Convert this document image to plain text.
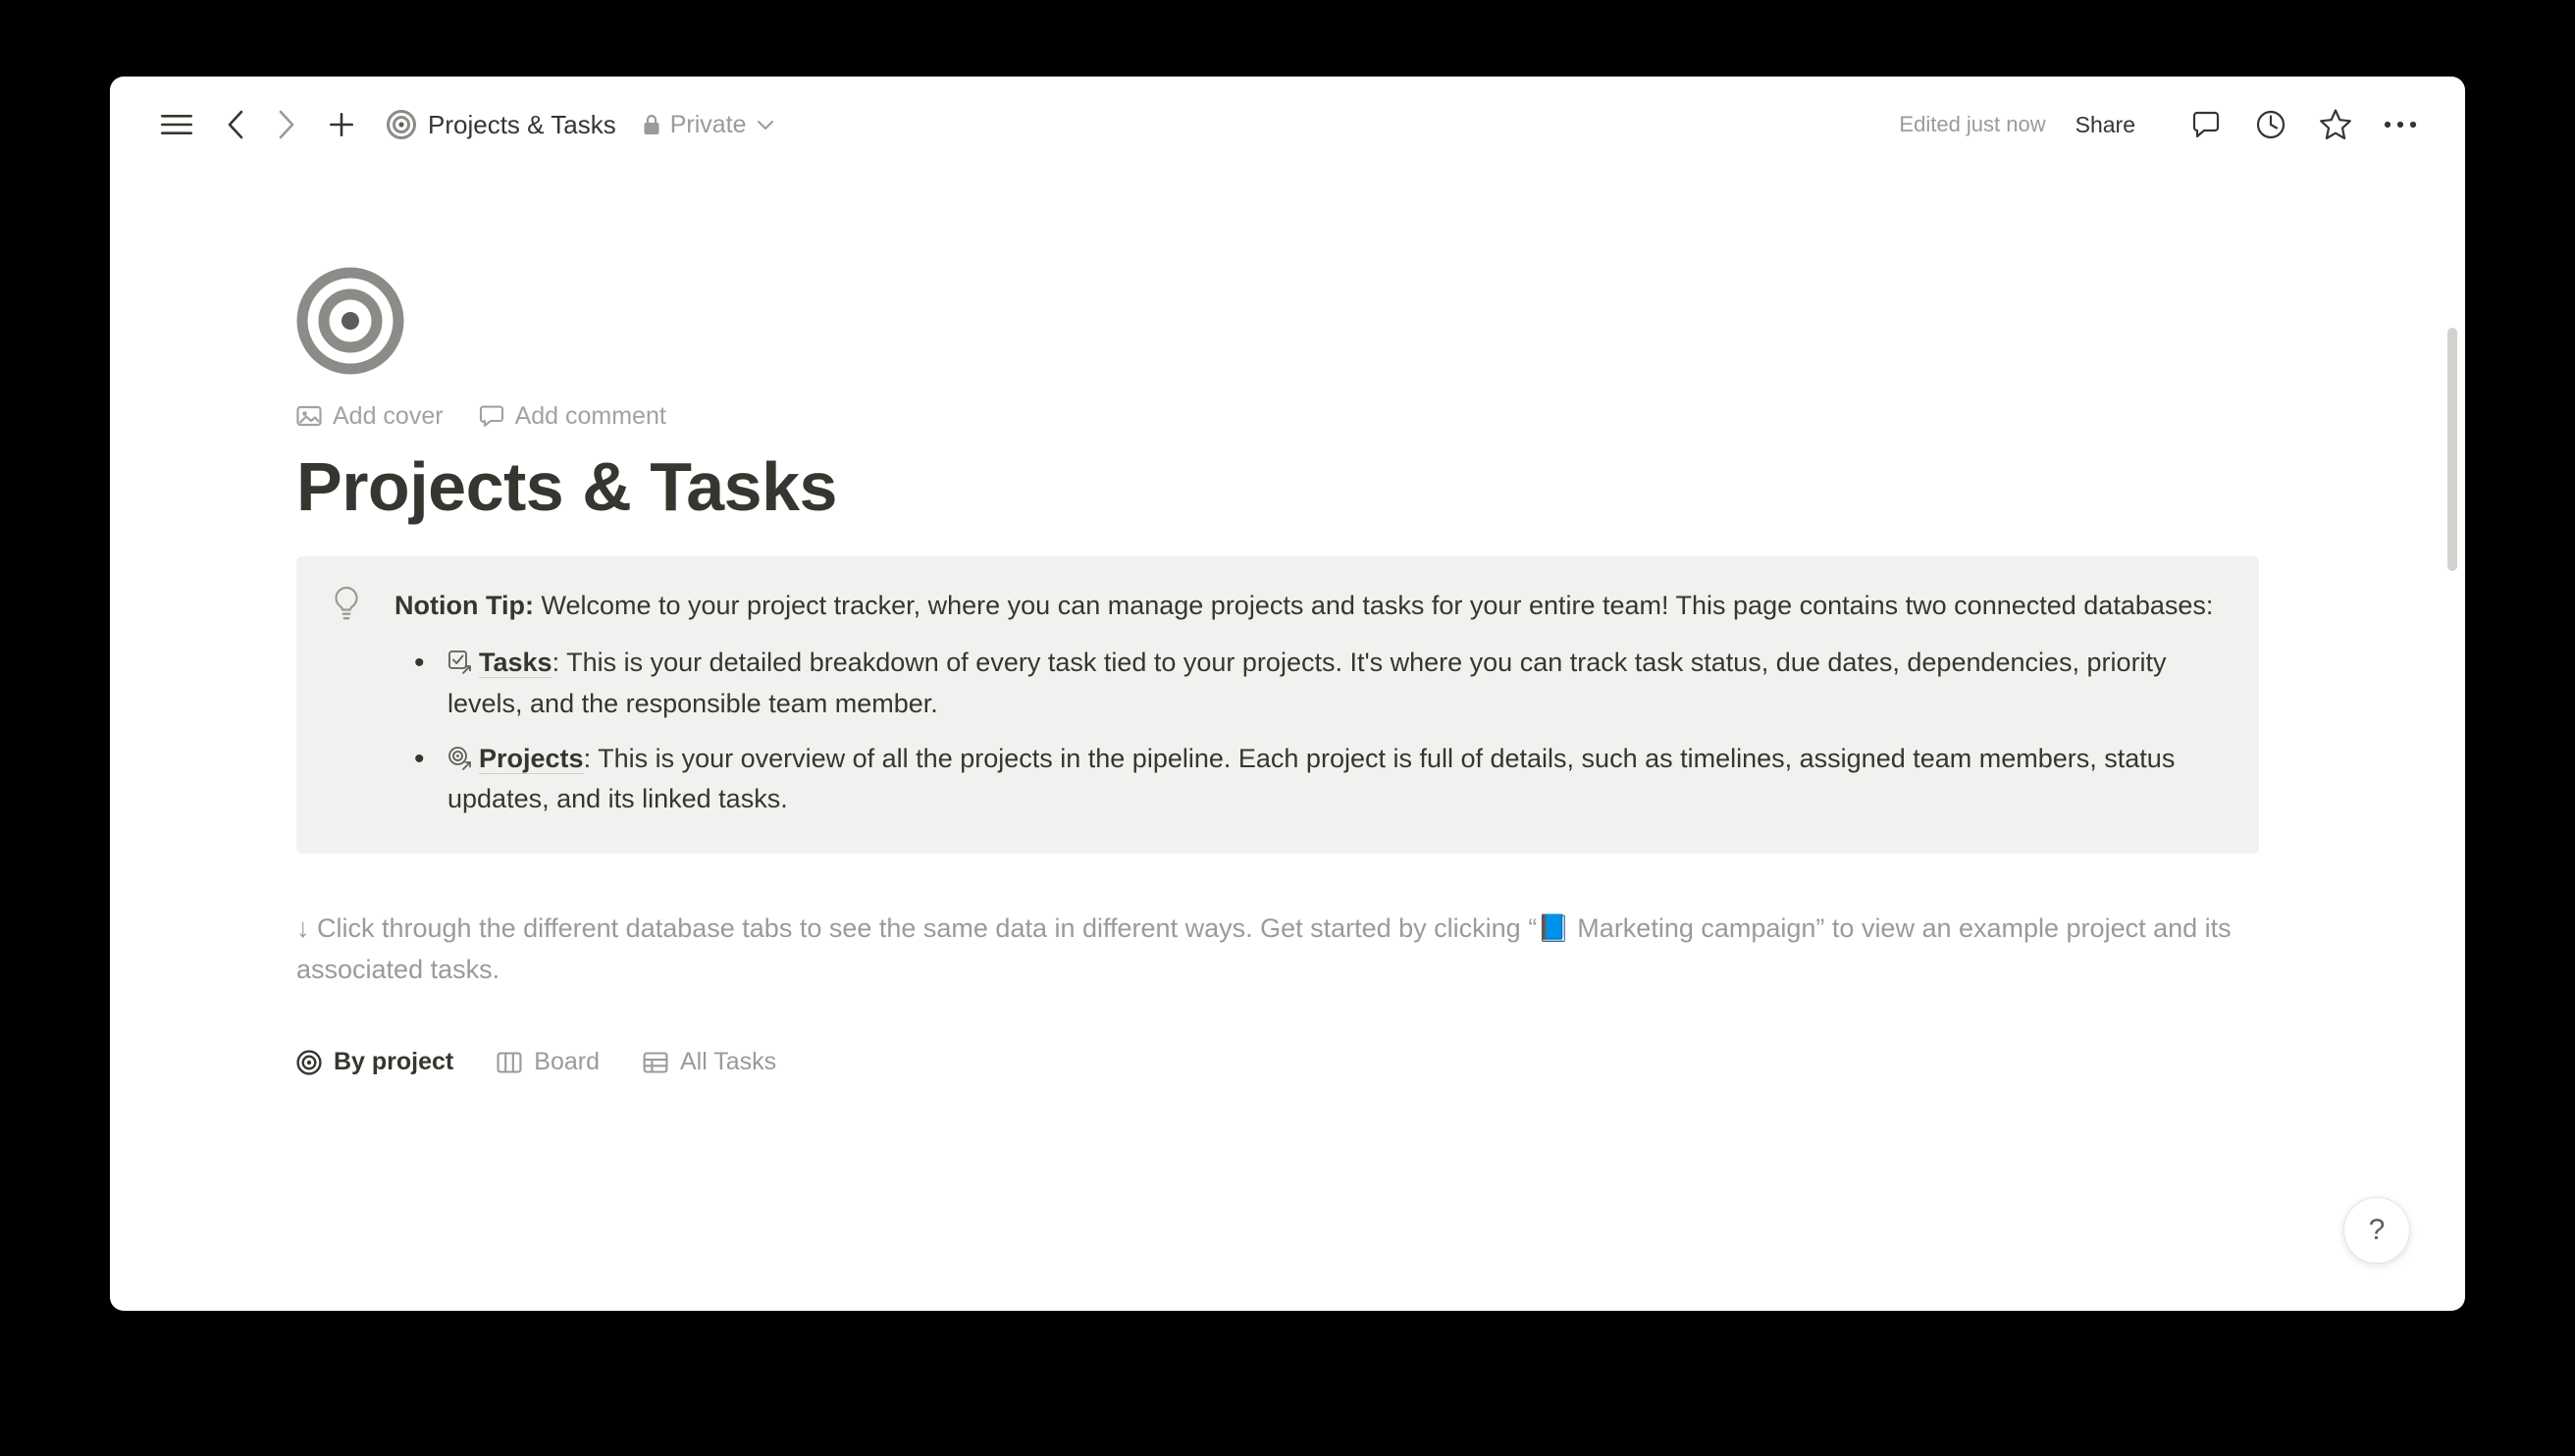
Projects & Tasks Private	Edited just now Share
Add cover	Add comment
Projects & Tasks
Notion Tip: Welcome to your project tracker, where you can manage projects and tasks for your entire team! This page contains two connected databases:
• Tasks: This is your detailed breakdown of every task tied to your projects. It's where you can track task status, due dates, dependencies, priority levels, and the responsible team member.
• Projects: This is your overview of all the projects in the pipeline. Each project is full of details, such as timelines, assigned team members, status updates, and its linked tasks.
↓ Click through the different database tabs to see the same data in different ways. Get started by clicking “📘 Marketing campaign” to view an example project and its associated tasks.
By project	Board	All Tasks
?
